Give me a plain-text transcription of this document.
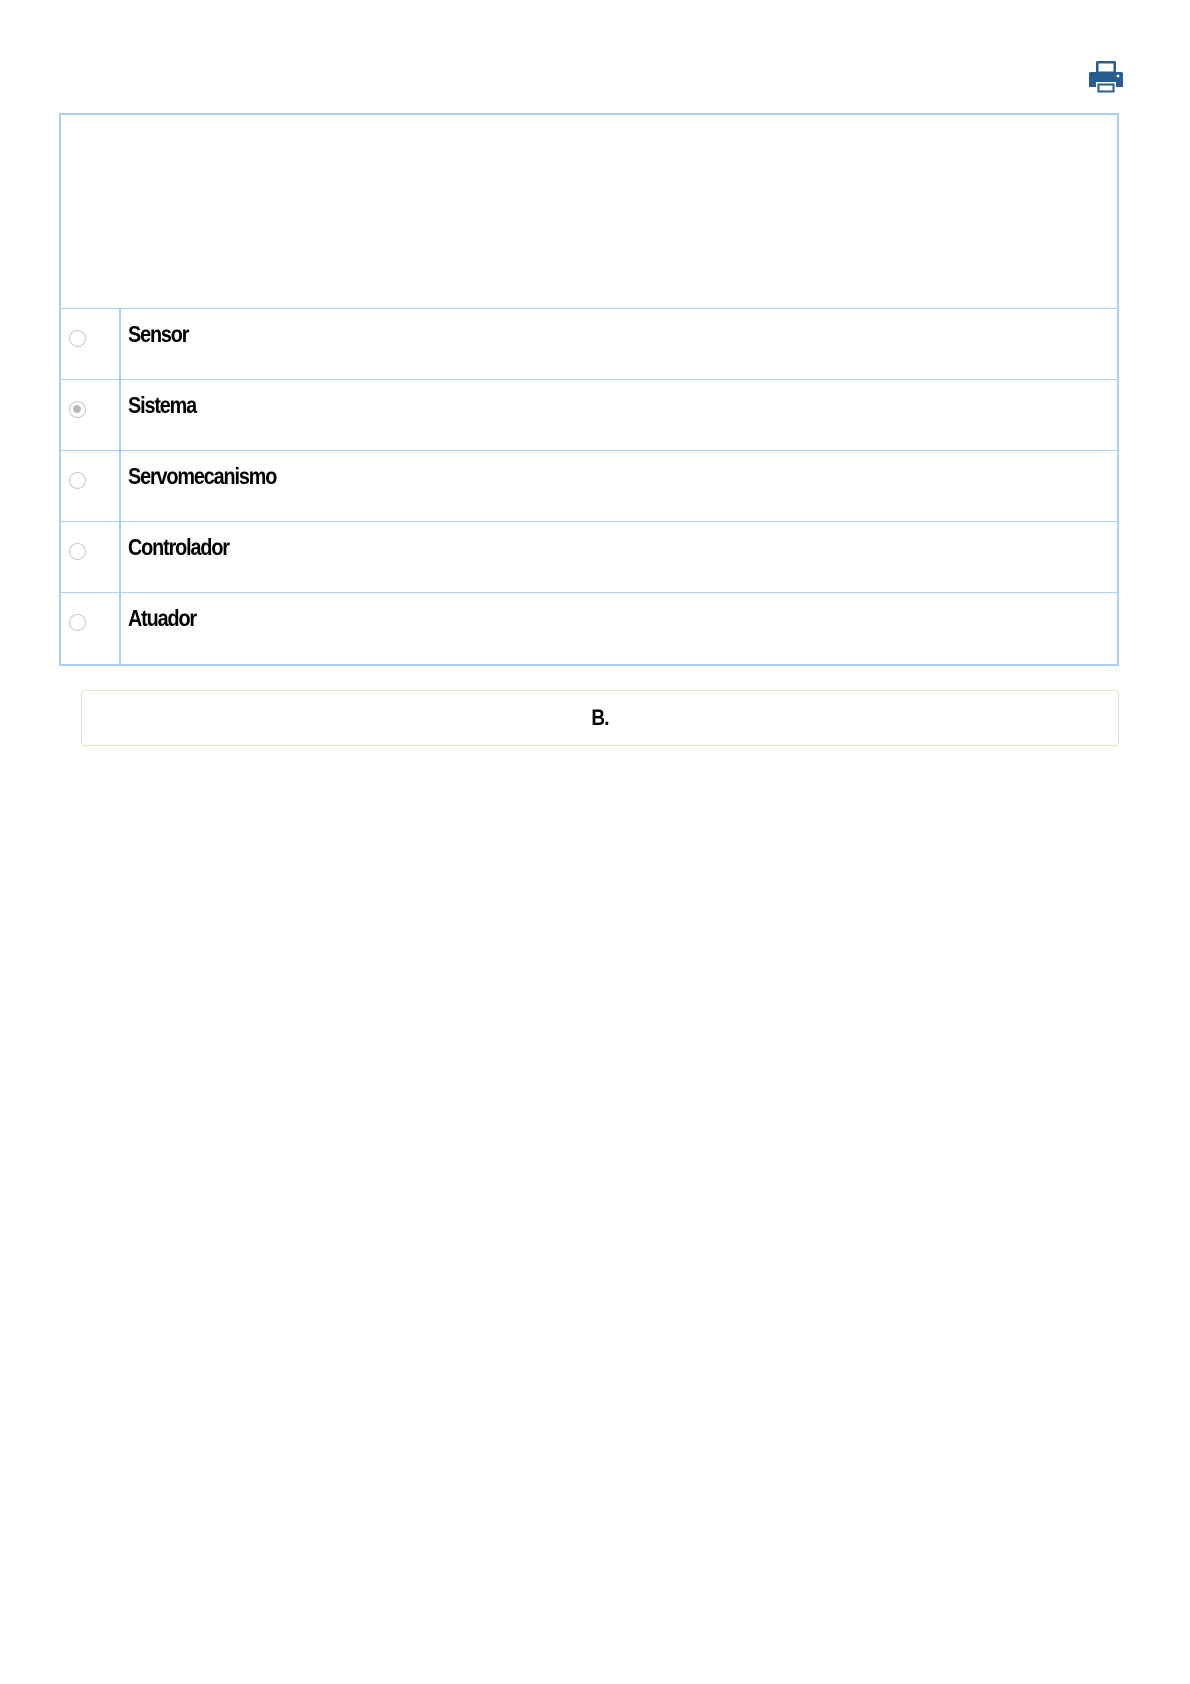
Sensor
Sistema
Servomecanismo
Controlador
Atuador
B.
